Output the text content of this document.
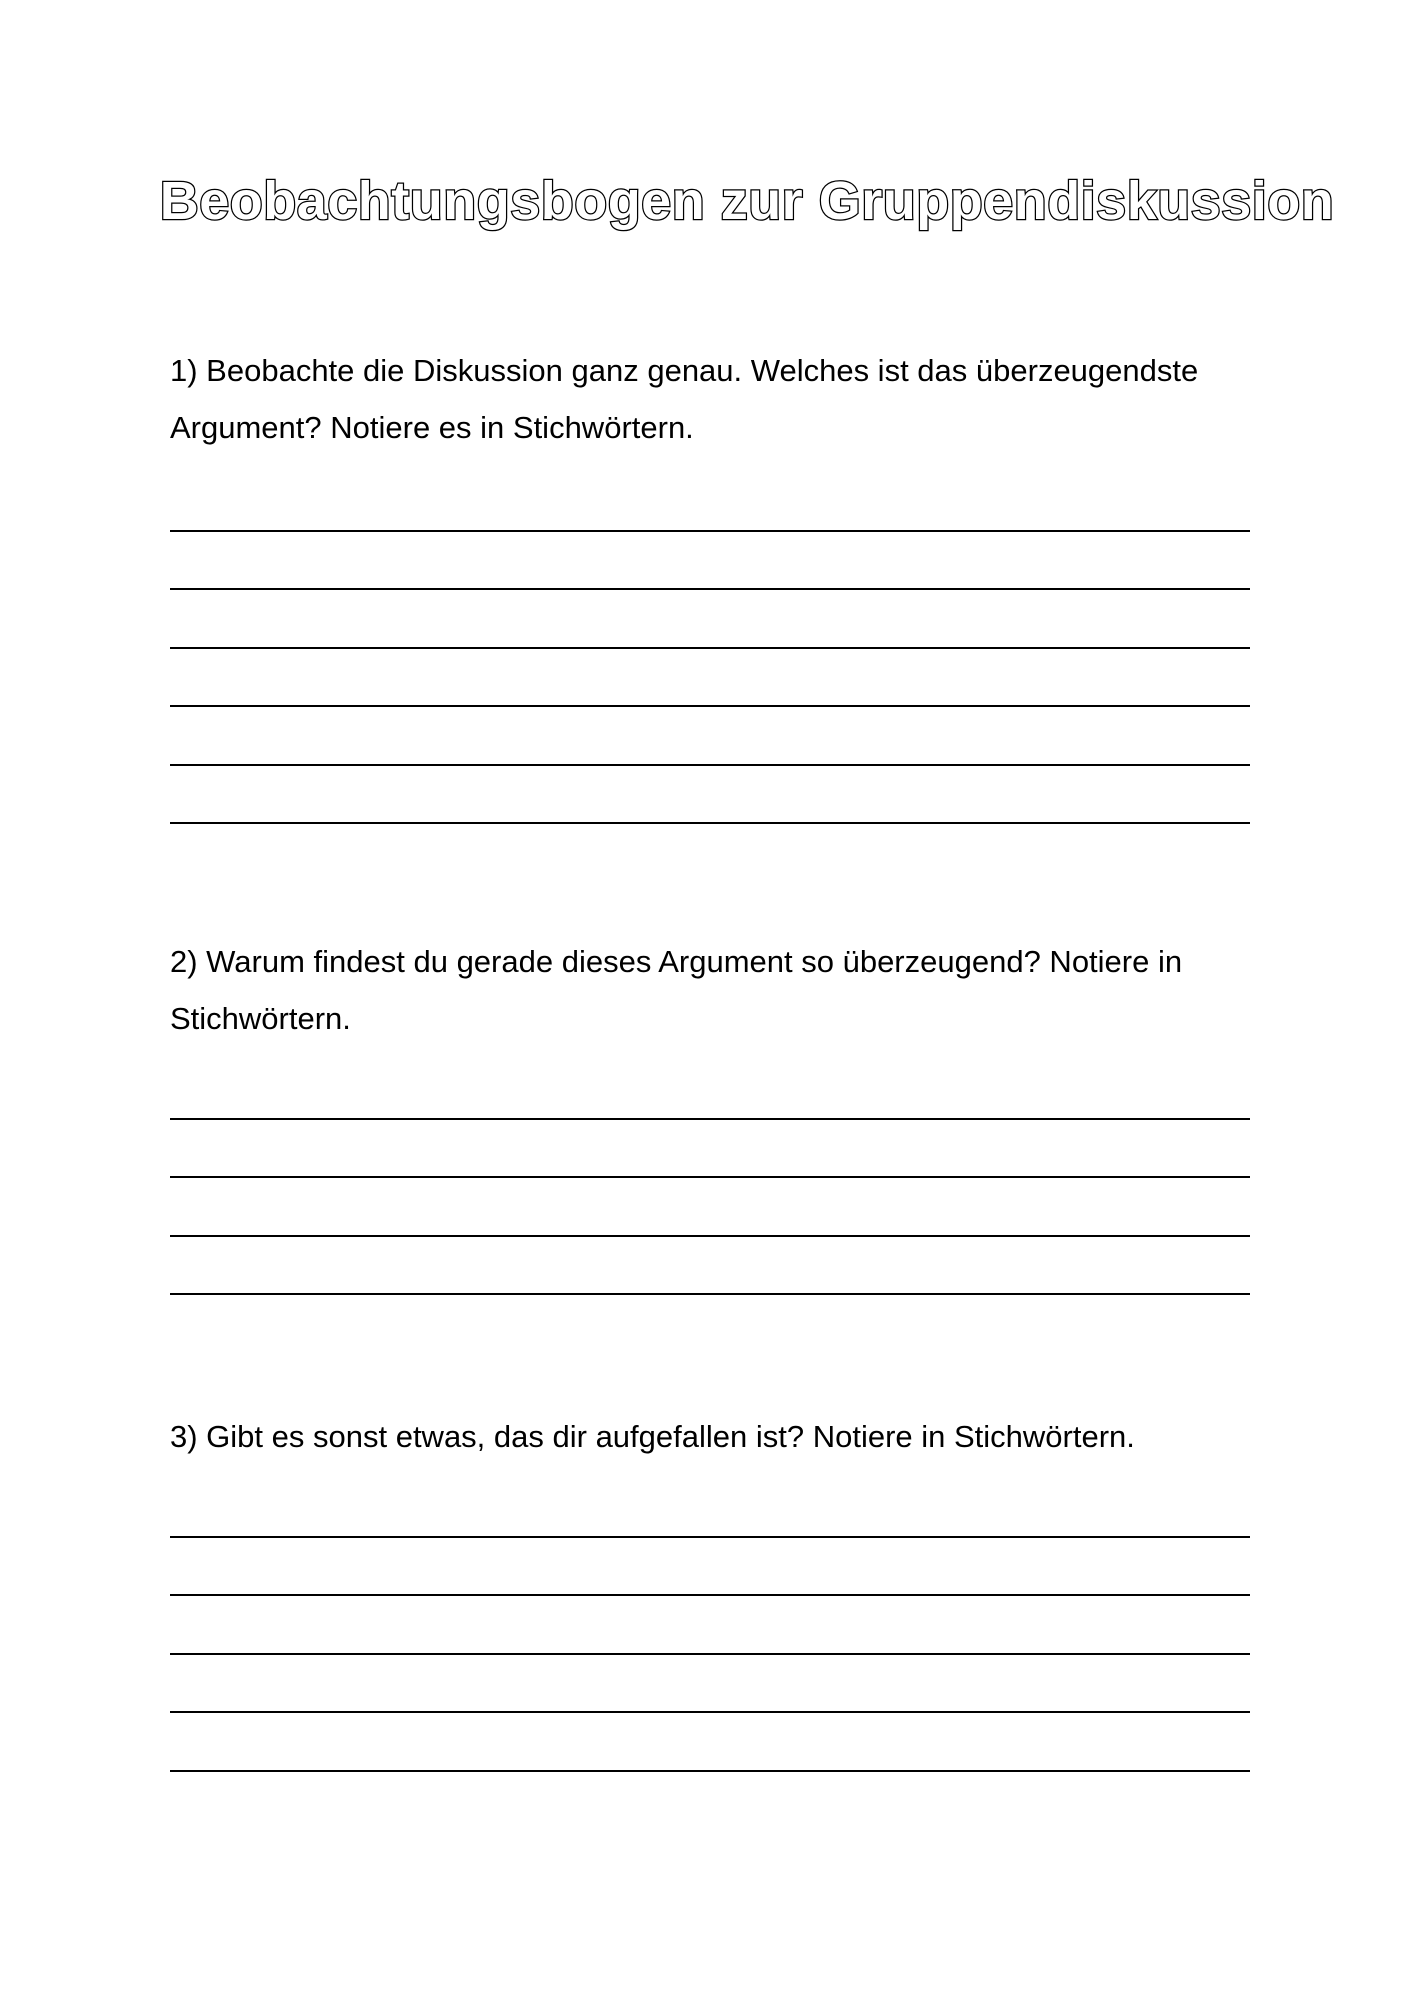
Beobachtungsbogen zur Gruppendiskussion
1) Beobachte die Diskussion ganz genau. Welches ist das überzeugendste Argument? Notiere es in Stichwörtern.
2) Warum findest du gerade dieses Argument so überzeugend? Notiere in Stichwörtern.
3) Gibt es sonst etwas, das dir aufgefallen ist? Notiere in Stichwörtern.
